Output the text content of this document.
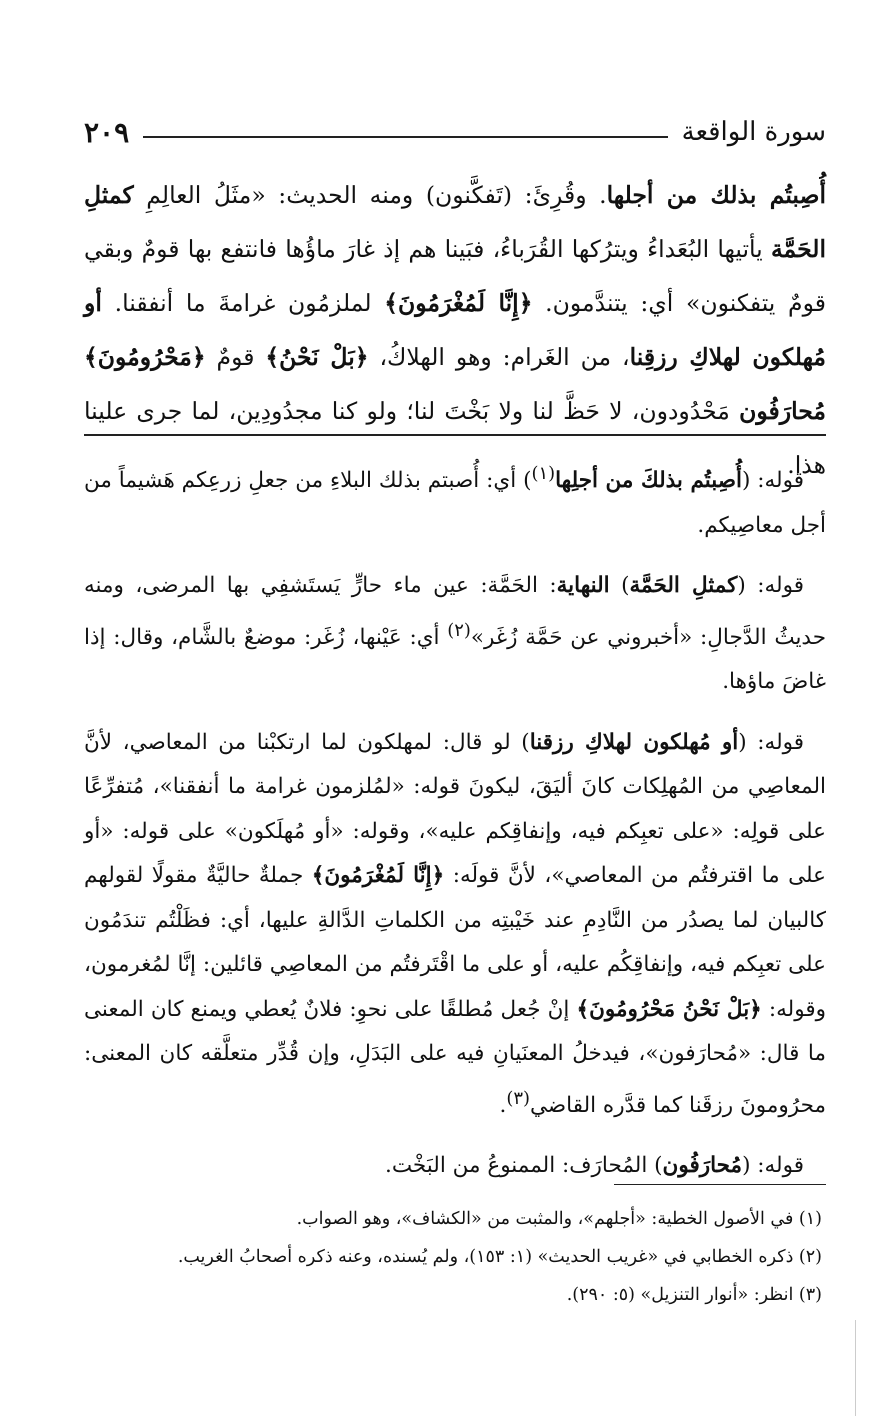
سورة الواقعة
٢٠٩
أُصِبتُم بذلك من أجلها. وقُرِئَ: (تَفكَّنون) ومنه الحديث: «مثَلُ العالِمِ كمثلِ الحَمَّة يأتيها البُعَداءُ ويترُكها القُرَباءُ، فبَينا هم إذ غارَ ماؤُها فانتفع بها قومٌ وبقي قومٌ يتفكنون» أي: يتندَّمون. ﴿إِنَّا لَمُغْرَمُونَ﴾ لملزمُون غرامةَ ما أنفقنا. أو مُهلكون لهلاكِ رزقِنا، من الغَرام: وهو الهلاكُ، ﴿بَلْ نَحْنُ﴾ قومٌ ﴿مَحْرُومُونَ﴾ مُحارَفُون مَحْدُودون، لا حَظَّ لنا ولا بَخْتَ لنا؛ ولو كنا مجدُودِين، لما جرى علينا هذا.

قوله: (أُصِبتُم بذلكَ من أجلِها$^{(١)}$) أي: أُصبتم بذلك البلاءِ من جعلِ زرعِكم هَشيماً من أجل معاصِيكم.

قوله: (كمثلِ الحَمَّة) النهاية: الحَمَّة: عين ماء حارٍّ يَستَشفِي بها المرضى، ومنه حديثُ الدَّجالِ: «أخبروني عن حَمَّة زُغَر»$^{(٢)}$ أي: عَيْنها، زُغَر: موضعٌ بالشَّام، وقال: إذا غاضَ ماؤها.

قوله: (أو مُهلكون لهلاكِ رزقنا) لو قال: لمهلكون لما ارتكبْنا من المعاصي، لأنَّ المعاصِي من المُهلِكات كانَ أليَقَ، ليكونَ قوله: «لمُلزمون غرامة ما أنفقنا»، مُتفرِّعًا على قولِه: «على تعبِكم فيه، وإنفاقِكم عليه»، وقوله: «أو مُهلَكون» على قوله: «أو على ما اقترفتُم من المعاصي»، لأنَّ قولَه: ﴿إِنَّا لَمُغْرَمُونَ﴾ جملةٌ حاليَّةٌ مقولًا لقولهم كالبيان لما يصدُر من النَّادِمِ عند خَيْبتِه من الكلماتِ الدَّالةِ عليها، أي: فظَلْتُم تندَمُون على تعبِكم فيه، وإنفاقِكُم عليه، أو على ما اقْتَرفتُم من المعاصِي قائلين: إنَّا لمُغرمون، وقوله: ﴿بَلْ نَحْنُ مَحْرُومُونَ﴾ إنْ جُعل مُطلقًا على نحوِ: فلانٌ يُعطي ويمنع كان المعنى ما قال: «مُحارَفون»، فيدخلُ المعنَيانِ فيه على البَدَلِ، وإن قُدِّر متعلَّقه كان المعنى: محرُومونَ رزقَنا كما قدَّره القاضي$^{(٣)}$.

قوله: (مُحارَفُون) المُحارَف: الممنوعُ من البَخْت.

(١) في الأصول الخطية: «أجلهم»، والمثبت من «الكشاف»، وهو الصواب.
(٢) ذكره الخطابي في «غريب الحديث» (١: ١٥٣)، ولم يُسنده، وعنه ذكره أصحابُ الغريب.
(٣) انظر: «أنوار التنزيل» (٥: ٢٩٠).
